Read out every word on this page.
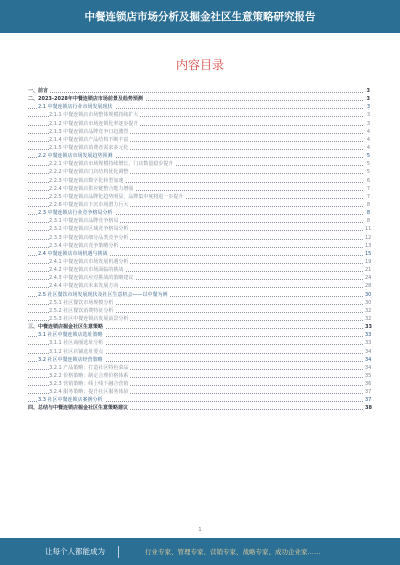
中餐连锁店市场分析及掘金社区生意策略研究报告
内容目录
一、前言	3
二、2023-2028年中餐连锁店市场前景及趋势预测	3
2.1 中餐连锁店行业市场发展现状	3
2.1.1 中餐连锁店市场整体规模持续扩大	3
2.1.2 中餐连锁店市场连锁化率逐步提升	3
2.1.3 中餐连锁店品牌竞争日趋激烈	4
2.1.4 中餐连锁店产品结构不断丰富	4
2.1.5 中餐连锁店消费者需求多元化	4
2.2 中餐连锁店市场发展趋势预测	5
2.2.1 中餐连锁店市场规模持续增长，门店数量稳步提升	5
2.2.2 中餐连锁店门店结构优化调整	5
2.2.3 中餐连锁店数字化转型加速	6
2.2.4 中餐连锁店供应链整合能力增强	7
2.2.5 中餐连锁店品牌化趋势明显，品牌集中度将进一步提升	7
2.2.6 中餐连锁店下沉市场潜力巨大	8
2.3 中餐连锁店行业竞争格局分析	8
2.3.1 中餐连锁店品牌竞争格局	8
2.3.2 中餐连锁店区域竞争格局分析	11
2.3.3 中餐连锁店细分品类竞争分析	12
2.3.4 中餐连锁店竞争策略分析	13
2.4 中餐连锁店市场机遇与挑战	15
2.4.1 中餐连锁店市场发展机遇分析	19
2.4.2 中餐连锁店市场面临的挑战	21
2.4.3 中餐连锁店应对挑战的策略建议	24
2.4.4 中餐连锁店未来发展方向	28
2.5 社区餐饮市场发展现状及社区生意机会——以中餐为例	30
2.5.1 社区餐饮市场规模分析	30
2.5.2 社区餐饮消费特征分析	32
2.5.3 社区中餐连锁店发展前景分析	32
三、中餐连锁店掘金社区生意策略	33
3.1 社区中餐连锁店选址策略	33
3.1.1 社区商圈选址分析	33
3.1.2 社区店铺选址要点	34
3.2 社区中餐连锁店经营策略	34
3.2.1 产品策略：打造社区特色菜品	34
3.2.2 价格策略：制定合理价格体系	35
3.2.3 营销策略：线上线下融合营销	36
3.2.4 服务策略：提升社区服务体验	37
3.3 社区中餐连锁店案例分析	37
四、总结与中餐连锁店掘金社区生意策略建议	38
1
让每个人都能成为	行业专家、管理专家、营销专家、战略专家、成功企业家……
